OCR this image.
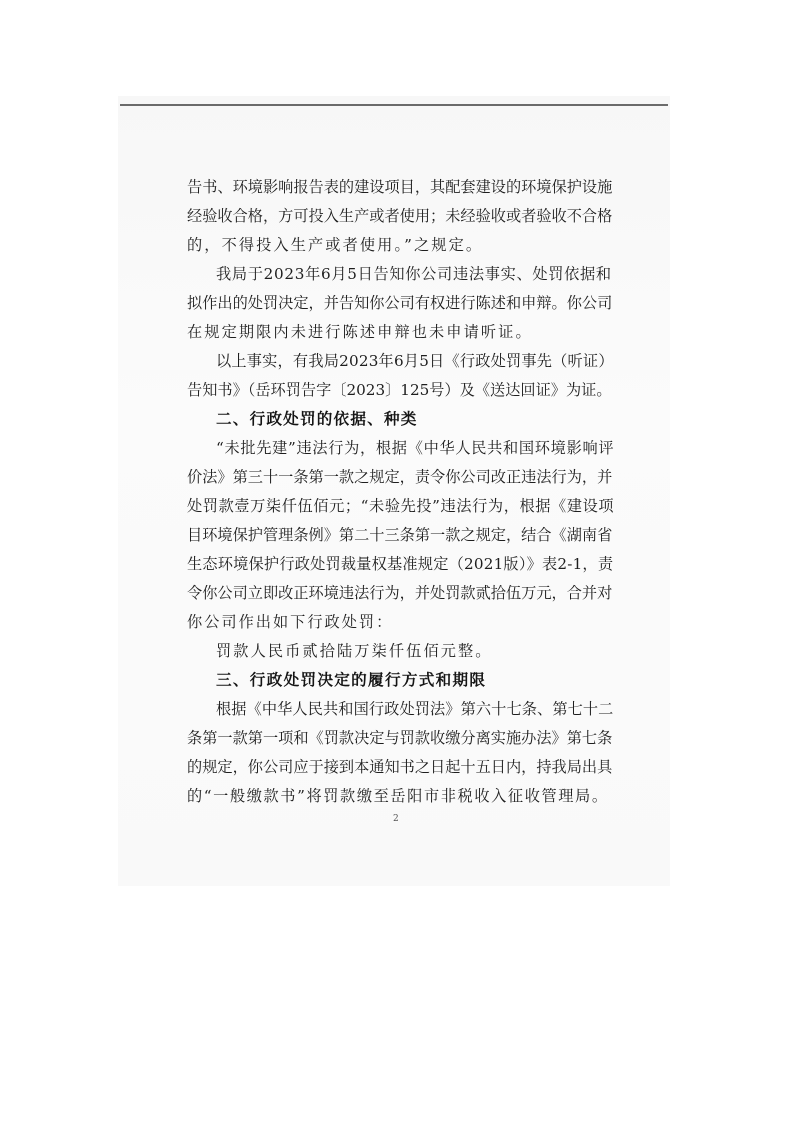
告书、环境影响报告表的建设项目，其配套建设的环境保护设施
经验收合格，方可投入生产或者使用；未经验收或者验收不合格
的，不得投入生产或者使用。”之规定。
我局于2023年6月5日告知你公司违法事实、处罚依据和
拟作出的处罚决定，并告知你公司有权进行陈述和申辩。你公司
在规定期限内未进行陈述申辩也未申请听证。
以上事实，有我局2023年6月5日《行政处罚事先（听证）
告知书》（岳环罚告字〔2023〕125号）及《送达回证》为证。
二、行政处罚的依据、种类
“未批先建”违法行为，根据《中华人民共和国环境影响评
价法》第三十一条第一款之规定，责令你公司改正违法行为，并
处罚款壹万柒仟伍佰元；“未验先投”违法行为，根据《建设项
目环境保护管理条例》第二十三条第一款之规定，结合《湖南省
生态环境保护行政处罚裁量权基准规定（2021版）》表2-1，责
令你公司立即改正环境违法行为，并处罚款贰拾伍万元，合并对
你公司作出如下行政处罚：
罚款人民币贰拾陆万柒仟伍佰元整。
三、行政处罚决定的履行方式和期限
根据《中华人民共和国行政处罚法》第六十七条、第七十二
条第一款第一项和《罚款决定与罚款收缴分离实施办法》第七条
的规定，你公司应于接到本通知书之日起十五日内，持我局出具
的“一般缴款书”将罚款缴至岳阳市非税收入征收管理局。
2
